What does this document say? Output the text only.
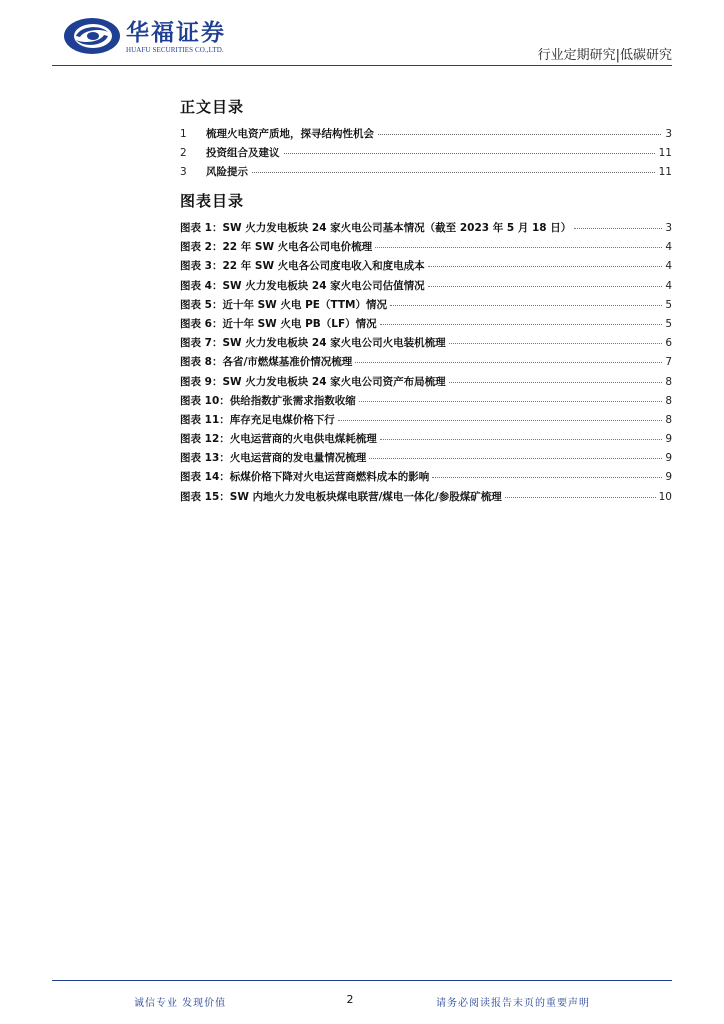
华福证券
HUAFU SECURITIES CO.,LTD.	行业定期研究|低碳研究
正文目录
1	梳理火电资产质地，探寻结构性机会	3
2	投资组合及建议	11
3	风险提示	11
图表目录
图表 1：SW 火力发电板块 24 家火电公司基本情况（截至 2023 年 5 月 18 日）	3
图表 2：22 年 SW 火电各公司电价梳理	4
图表 3：22 年 SW 火电各公司度电收入和度电成本	4
图表 4：SW 火力发电板块 24 家火电公司估值情况	4
图表 5：近十年 SW 火电 PE（TTM）情况	5
图表 6：近十年 SW 火电 PB（LF）情况	5
图表 7：SW 火力发电板块 24 家火电公司火电装机梳理	6
图表 8：各省/市燃煤基准价情况梳理	7
图表 9：SW 火力发电板块 24 家火电公司资产布局梳理	8
图表 10：供给指数扩张需求指数收缩	8
图表 11：库存充足电煤价格下行	8
图表 12：火电运营商的火电供电煤耗梳理	9
图表 13：火电运营商的发电量情况梳理	9
图表 14：标煤价格下降对火电运营商燃料成本的影响	9
图表 15：SW 内地火力发电板块煤电联营/煤电一体化/参股煤矿梳理	10
诚信专业 发现价值	2	请务必阅读报告末页的重要声明
